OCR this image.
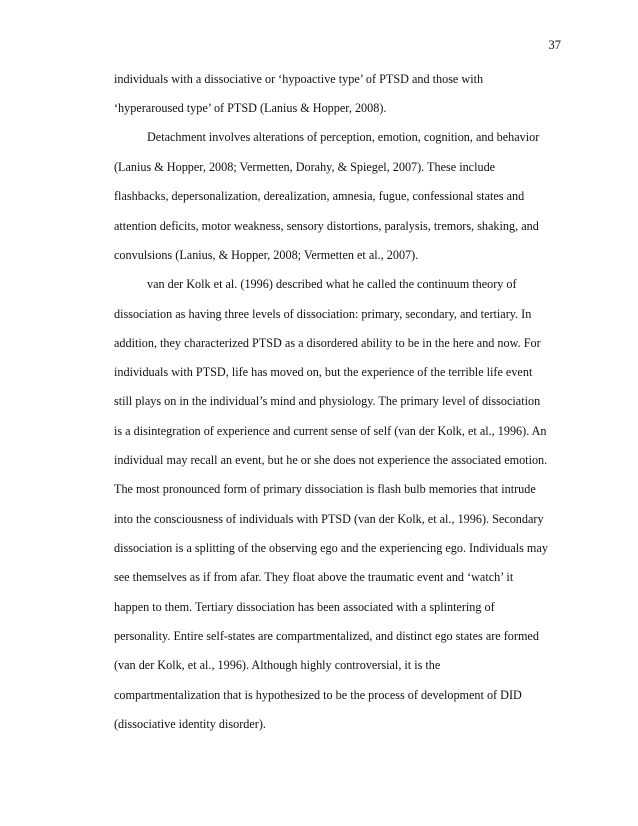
37
individuals with a dissociative or ‘hypoactive type’ of PTSD and those with
‘hyperaroused type’ of PTSD (Lanius & Hopper, 2008).
Detachment involves alterations of perception, emotion, cognition, and behavior
(Lanius & Hopper, 2008; Vermetten, Dorahy, & Spiegel, 2007). These include
flashbacks, depersonalization, derealization, amnesia, fugue, confessional states and
attention deficits, motor weakness, sensory distortions, paralysis, tremors, shaking, and
convulsions (Lanius, & Hopper, 2008; Vermetten et al., 2007).
van der Kolk et al. (1996) described what he called the continuum theory of
dissociation as having three levels of dissociation: primary, secondary, and tertiary. In
addition, they characterized PTSD as a disordered ability to be in the here and now. For
individuals with PTSD, life has moved on, but the experience of the terrible life event
still plays on in the individual’s mind and physiology. The primary level of dissociation
is a disintegration of experience and current sense of self (van der Kolk, et al., 1996). An
individual may recall an event, but he or she does not experience the associated emotion.
The most pronounced form of primary dissociation is flash bulb memories that intrude
into the consciousness of individuals with PTSD (van der Kolk, et al., 1996). Secondary
dissociation is a splitting of the observing ego and the experiencing ego. Individuals may
see themselves as if from afar. They float above the traumatic event and ‘watch’ it
happen to them. Tertiary dissociation has been associated with a splintering of
personality. Entire self-states are compartmentalized, and distinct ego states are formed
(van der Kolk, et al., 1996). Although highly controversial, it is the
compartmentalization that is hypothesized to be the process of development of DID
(dissociative identity disorder).
